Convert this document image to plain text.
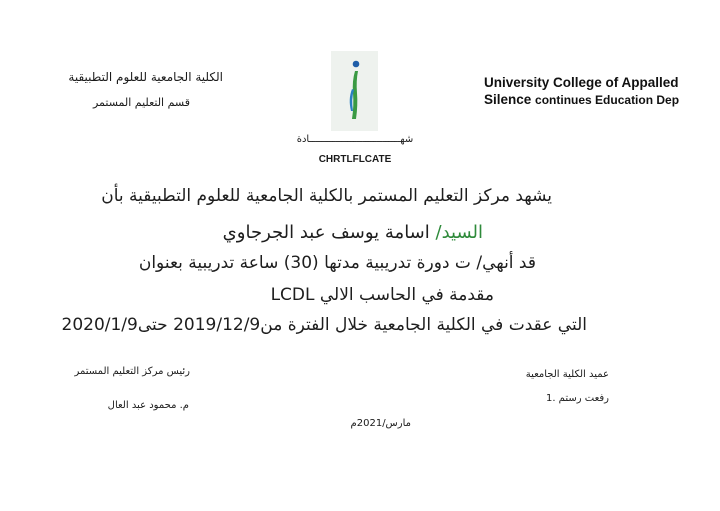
الكلية الجامعية للعلوم التطبيقية
قسم التعليم المستمر
University College of Appalled
Silence continues Education Dep
شهـــــــــــــــــــــــــــــــادة
CHRTLFLCATE
يشهد مركز التعليم المستمر بالكلية الجامعية للعلوم التطبيقية بأن
السيد/ اسامة يوسف عبد الجرجاوي
قد أنهي/ ت دورة تدريبية مدتها (30) ساعة تدريبية بعنوان
LCDL مقدمة في الحاسب الالي
التي عقدت في الكلية الجامعية خلال الفترة من2019/12/9 حتى2020/1/9
عميد الكلية الجامعية
رفعت رستم .1
رئيس مركز التعليم المستمر
م. محمود عبد العال
مارس/2021م
